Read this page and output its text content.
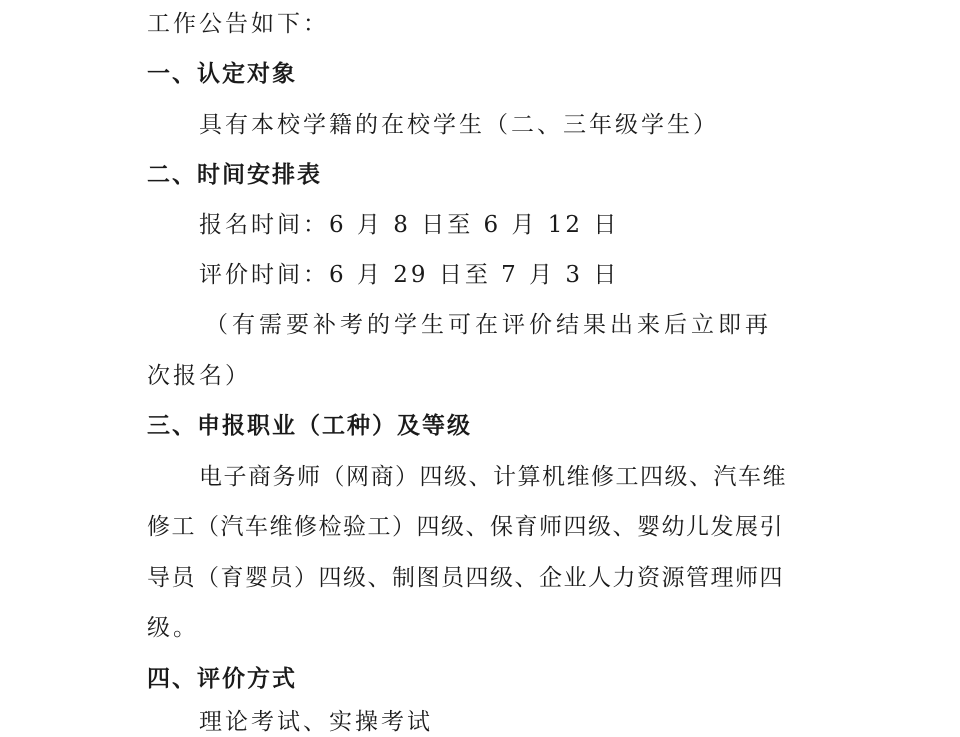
工作公告如下：
一、认定对象
具有本校学籍的在校学生（二、三年级学生）
二、时间安排表
报名时间：6 月 8 日至 6 月 12 日
评价时间：6 月 29 日至 7 月 3 日
（有需要补考的学生可在评价结果出来后立即再
次报名）
三、申报职业（工种）及等级
电子商务师（网商）四级、计算机维修工四级、汽车维
修工（汽车维修检验工）四级、保育师四级、婴幼儿发展引
导员（育婴员）四级、制图员四级、企业人力资源管理师四
级。
四、评价方式
理论考试、实操考试
